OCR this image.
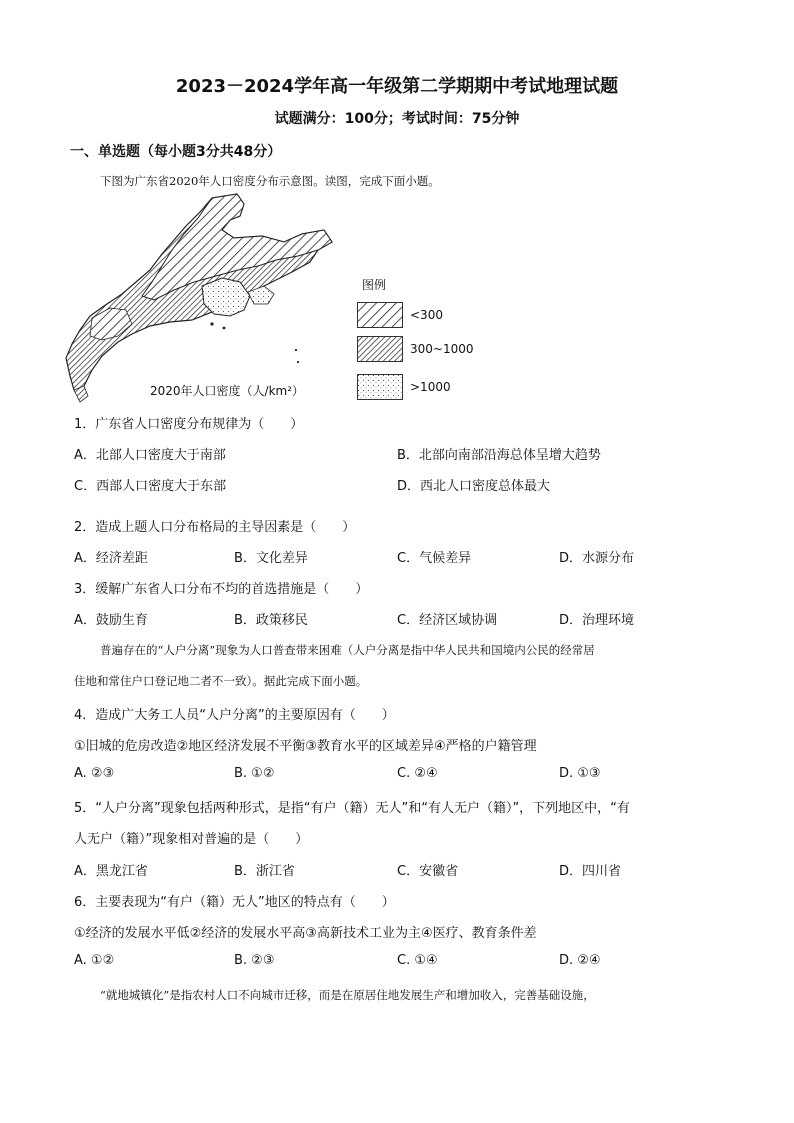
2023－2024学年高一年级第二学期期中考试地理试题
试题满分：100分；考试时间：75分钟
一、单选题（每小题3分共48分）
下图为广东省2020年人口密度分布示意图。读图，完成下面小题。
2020年人口密度（人/km²）
图例
<300
300~1000
>1000
1．广东省人口密度分布规律为（　　）
A．北部人口密度大于南部	B．北部向南部沿海总体呈增大趋势
C．西部人口密度大于东部	D．西北人口密度总体最大
2．造成上题人口分布格局的主导因素是（　　）
A．经济差距	B．文化差异	C．气候差异	D．水源分布
3．缓解广东省人口分布不均的首选措施是（　　）
A．鼓励生育	B．政策移民	C．经济区域协调	D．治理环境
普遍存在的“人户分离”现象为人口普查带来困难（人户分离是指中华人民共和国境内公民的经常居
住地和常住户口登记地二者不一致）。据此完成下面小题。
4．造成广大务工人员“人户分离”的主要原因有（　　）
①旧城的危房改造②地区经济发展不平衡③教育水平的区域差异④严格的户籍管理
A. ②③	B. ①②	C. ②④	D. ①③
5．“人户分离”现象包括两种形式，是指“有户（籍）无人”和“有人无户（籍）”，下列地区中，“有
人无户（籍）”现象相对普遍的是（　　）
A．黑龙江省	B．浙江省	C．安徽省	D．四川省
6．主要表现为“有户（籍）无人”地区的特点有（　　）
①经济的发展水平低②经济的发展水平高③高新技术工业为主④医疗、教育条件差
A. ①②	B. ②③	C. ①④	D. ②④
“就地城镇化”是指农村人口不向城市迁移，而是在原居住地发展生产和增加收入，完善基础设施，
